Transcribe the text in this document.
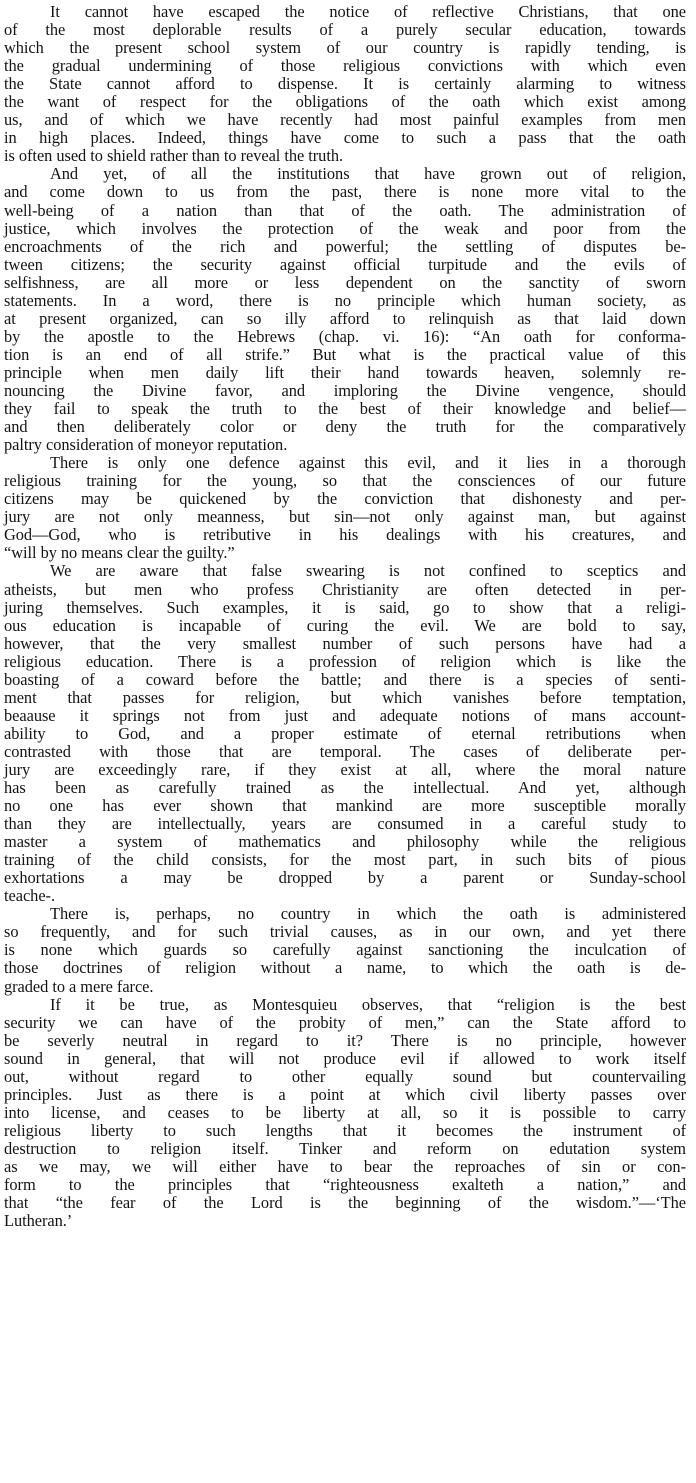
It cannot have escaped the notice of reflective Christians, that one
of the most deplorable results of a purely secular education, towards
which the present school system of our country is rapidly tending, is
the gradual undermining of those religious convictions with which even
the State cannot afford to dispense. It is certainly alarming to witness
the want of respect for the obligations of the oath which exist among
us, and of which we have recently had most painful examples from men
in high places. Indeed, things have come to such a pass that the oath
is often used to shield rather than to reveal the truth.

And yet, of all the institutions that have grown out of religion,
and come down to us from the past, there is none more vital to the
well-being of a nation than that of the oath. The administration of
justice, which involves the protection of the weak and poor from the
encroachments of the rich and powerful; the settling of disputes be-
tween citizens; the security against official turpitude and the evils of
selfishness, are all more or less dependent on the sanctity of sworn
statements. In a word, there is no principle which human society, as
at present organized, can so illy afford to relinquish as that laid down
by the apostle to the Hebrews (chap. vi. 16): “An oath for conforma-
tion is an end of all strife.” But what is the practical value of this
principle when men daily lift their hand towards heaven, solemnly re-
nouncing the Divine favor, and imploring the Divine vengence, should
they fail to speak the truth to the best of their knowledge and belief—
and then deliberately color or deny the truth for the comparatively
paltry consideration of moneyor reputation.

There is only one defence against this evil, and it lies in a thorough
religious training for the young, so that the consciences of our future
citizens may be quickened by the conviction that dishonesty and per-
jury are not only meanness, but sin—not only against man, but against
God—God, who is retributive in his dealings with his creatures, and
“will by no means clear the guilty.”

We are aware that false swearing is not confined to sceptics and
atheists, but men who profess Christianity are often detected in per-
juring themselves. Such examples, it is said, go to show that a religi-
ous education is incapable of curing the evil. We are bold to say,
however, that the very smallest number of such persons have had a
religious education. There is a profession of religion which is like the
boasting of a coward before the battle; and there is a species of senti-
ment that passes for religion, but which vanishes before temptation,
beaause it springs not from just and adequate notions of mans account-
ability to God, and a proper estimate of eternal retributions when
contrasted with those that are temporal. The cases of deliberate per-
jury are exceedingly rare, if they exist at all, where the moral nature
has been as carefully trained as the intellectual. And yet, although
no one has ever shown that mankind are more susceptible morally
than they are intellectually, years are consumed in a careful study to
master a system of mathematics and philosophy while the religious
training of the child consists, for the most part, in such bits of pious
exhortations a may be dropped by a parent or Sunday-school
teache‐.

There is, perhaps, no country in which the oath is administered
so frequently, and for such trivial causes, as in our own, and yet there
is none which guards so carefully against sanctioning the inculcation of
those doctrines of religion without a name, to which the oath is de-
graded to a mere farce.

If it be true, as Montesquieu observes, that “religion is the best
security we can have of the probity of men,” can the State afford to
be severly neutral in regard to it? There is no principle, however
sound in general, that will not produce evil if allowed to work itself
out, without regard to other equally sound but countervailing
principles. Just as there is a point at which civil liberty passes over
into license, and ceases to be liberty at all, so it is possible to carry
religious liberty to such lengths that it becomes the instrument of
destruction to religion itself. Tinker and reform on edutation system
as we may, we will either have to bear the reproaches of sin or con-
form to the principles that “righteousness exalteth a nation,” and
that “the fear of the Lord is the beginning of the wisdom.”—‘The
Lutheran.’
